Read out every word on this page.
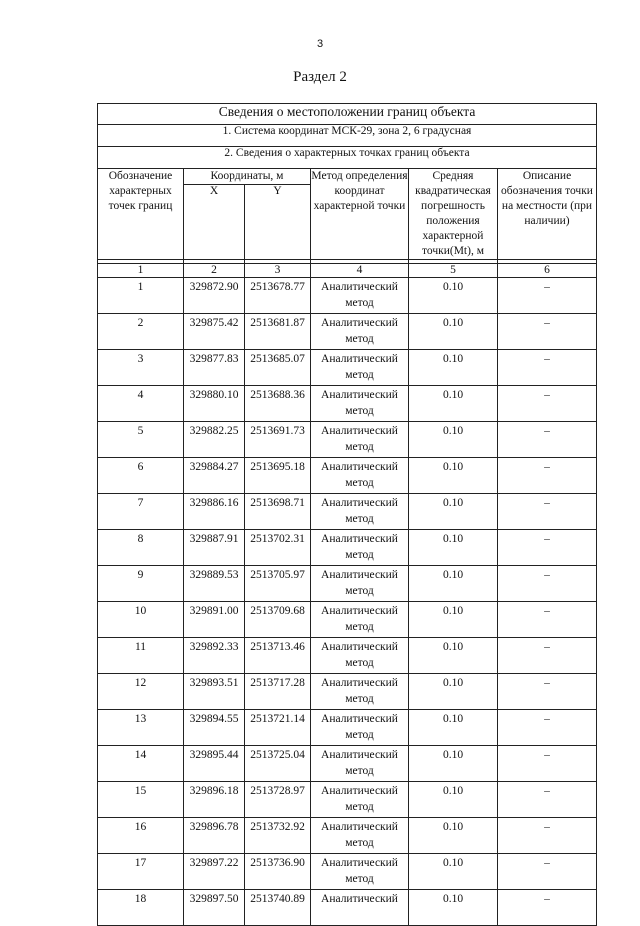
3
Раздел 2
Сведения о местоположении границ объекта					
1. Система координат МСК-29, зона 2, 6 градусная					
2. Сведения о характерных точках границ объекта					
Обозначение характерных точек границ	Координаты, м		Метод определения координат характерной точки	Средняя квадратическая погрешность положения характерной точки(Mt), м	Описание обозначения точки на местности (при наличии)
	X	Y			

1	2	3	4	5	6
1	329872.90	2513678.77	Аналитический метод	0.10	–
2	329875.42	2513681.87	Аналитический метод	0.10	–
3	329877.83	2513685.07	Аналитический метод	0.10	–
4	329880.10	2513688.36	Аналитический метод	0.10	–
5	329882.25	2513691.73	Аналитический метод	0.10	–
6	329884.27	2513695.18	Аналитический метод	0.10	–
7	329886.16	2513698.71	Аналитический метод	0.10	–
8	329887.91	2513702.31	Аналитический метод	0.10	–
9	329889.53	2513705.97	Аналитический метод	0.10	–
10	329891.00	2513709.68	Аналитический метод	0.10	–
11	329892.33	2513713.46	Аналитический метод	0.10	–
12	329893.51	2513717.28	Аналитический метод	0.10	–
13	329894.55	2513721.14	Аналитический метод	0.10	–
14	329895.44	2513725.04	Аналитический метод	0.10	–
15	329896.18	2513728.97	Аналитический метод	0.10	–
16	329896.78	2513732.92	Аналитический метод	0.10	–
17	329897.22	2513736.90	Аналитический метод	0.10	–
18	329897.50	2513740.89	Аналитический	0.10	–
